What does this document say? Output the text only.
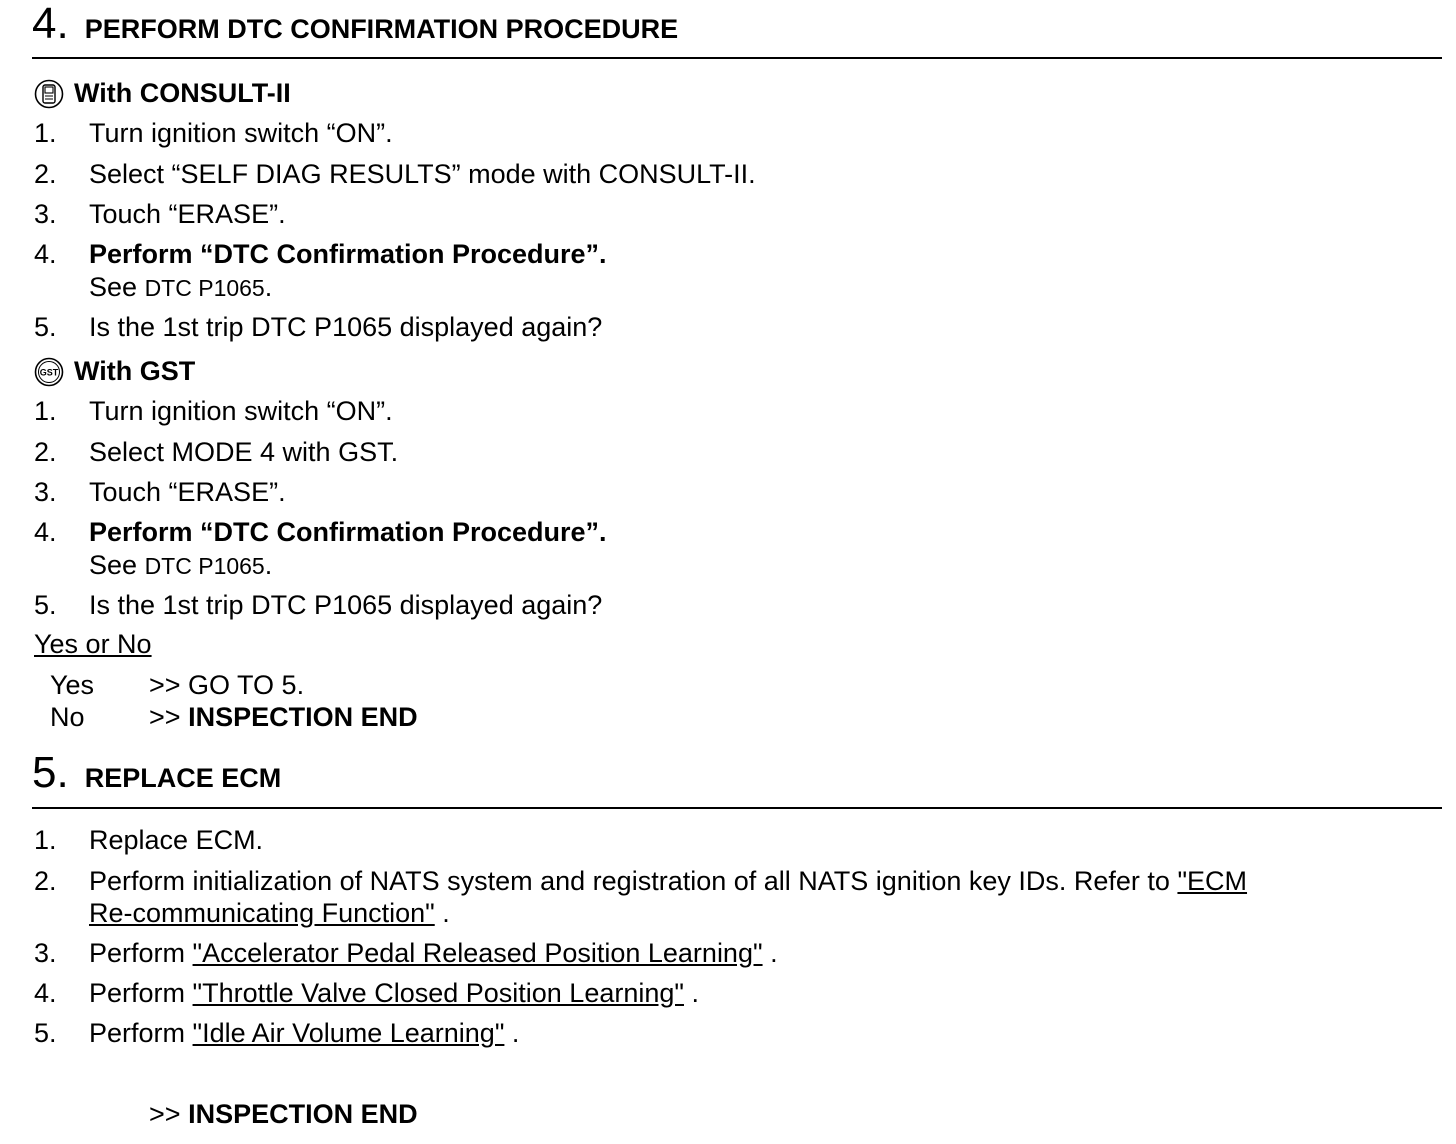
4. PERFORM DTC CONFIRMATION PROCEDURE
With CONSULT-II
1. Turn ignition switch “ON”.
2. Select “SELF DIAG RESULTS” mode with CONSULT-II.
3. Touch “ERASE”.
4. Perform “DTC Confirmation Procedure”.
See DTC P1065.
5. Is the 1st trip DTC P1065 displayed again?
GST With GST
1. Turn ignition switch “ON”.
2. Select MODE 4 with GST.
3. Touch “ERASE”.
4. Perform “DTC Confirmation Procedure”.
See DTC P1065.
5. Is the 1st trip DTC P1065 displayed again?
Yes or No
Yes >> GO TO 5.
No >> INSPECTION END
5. REPLACE ECM
1. Replace ECM.
2. Perform initialization of NATS system and registration of all NATS ignition key IDs. Refer to "ECM
Re-communicating Function" .
3. Perform "Accelerator Pedal Released Position Learning" .
4. Perform "Throttle Valve Closed Position Learning" .
5. Perform "Idle Air Volume Learning" .
>> INSPECTION END
